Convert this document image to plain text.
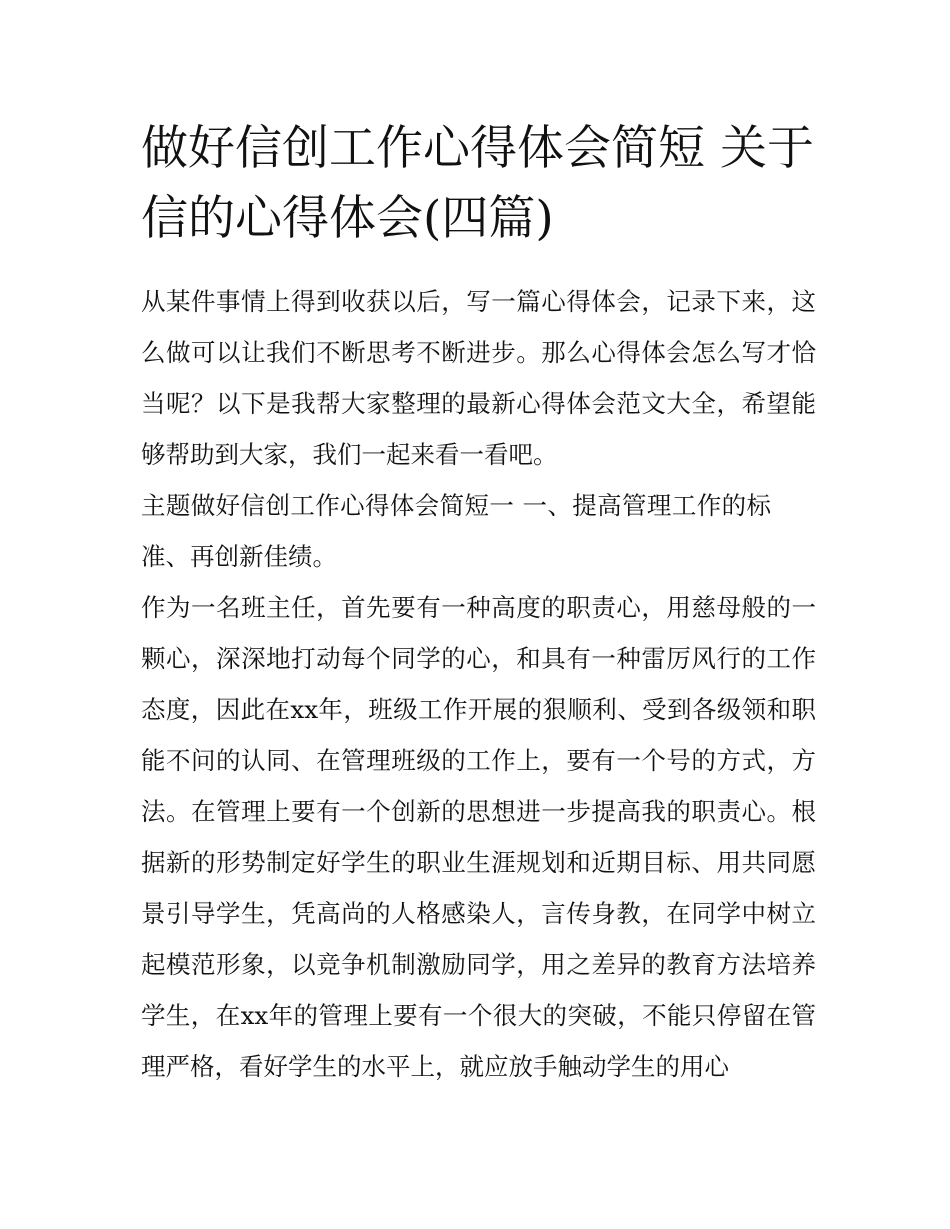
做好信创工作心得体会简短 关于信的心得体会(四篇)

从某件事情上得到收获以后，写一篇心得体会，记录下来，这么做可以让我们不断思考不断进步。那么心得体会怎么写才恰当呢？以下是我帮大家整理的最新心得体会范文大全，希望能够帮助到大家，我们一起来看一看吧。

主题做好信创工作心得体会简短一 一、提高管理工作的标准、再创新佳绩。

作为一名班主任，首先要有一种高度的职责心，用慈母般的一颗心，深深地打动每个同学的心，和具有一种雷厉风行的工作态度，因此在xx年，班级工作开展的狠顺利、受到各级领和职能不问的认同、在管理班级的工作上，要有一个号的方式，方法。在管理上要有一个创新的思想进一步提高我的职责心。根据新的形势制定好学生的职业生涯规划和近期目标、用共同愿景引导学生，凭高尚的人格感染人，言传身教，在同学中树立起模范形象，以竞争机制激励同学，用之差异的教育方法培养学生，在xx年的管理上要有一个很大的突破，不能只停留在管理严格，看好学生的水平上，就应放手触动学生的用心
